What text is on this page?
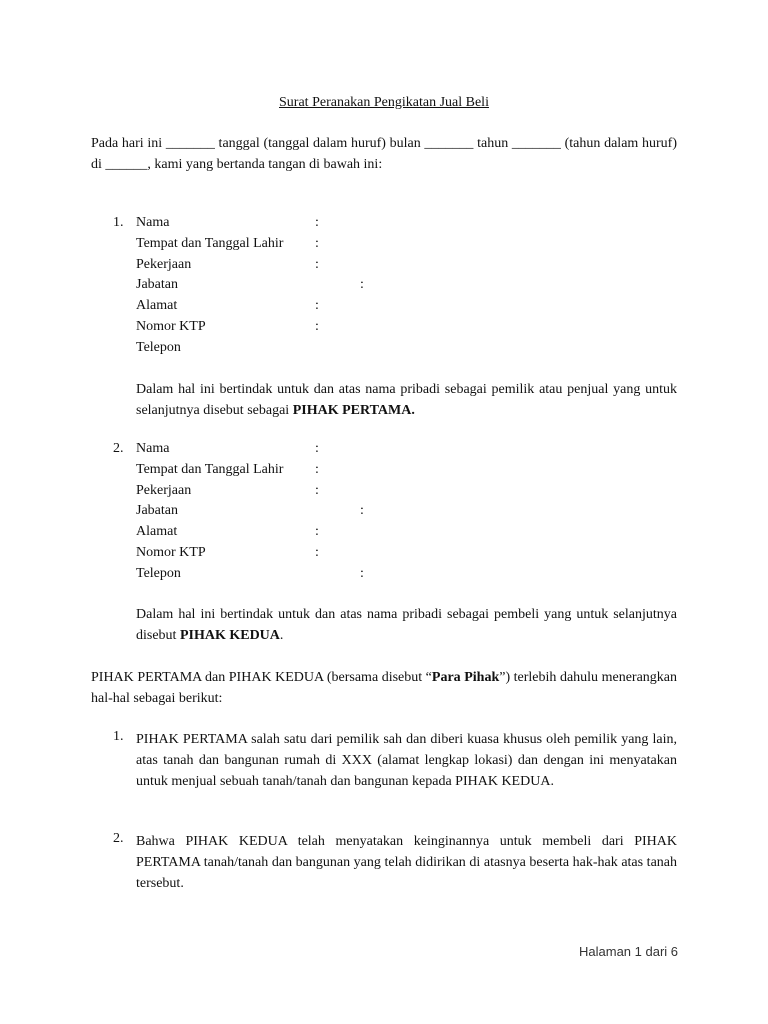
Surat Peranakan Pengikatan Jual Beli

Pada hari ini _______ tanggal (tanggal dalam huruf) bulan _______ tahun _______ (tahun dalam huruf) di ______, kami yang bertanda tangan di bawah ini:

1. Nama	:
Tempat dan Tanggal Lahir :
Pekerjaan	:
Jabatan	:
Alamat	:
Nomor KTP	:
Telepon

Dalam hal ini bertindak untuk dan atas nama pribadi sebagai pemilik atau penjual yang untuk selanjutnya disebut sebagai PIHAK PERTAMA.

2. Nama	:
Tempat dan Tanggal Lahir :
Pekerjaan	:
Jabatan	:
Alamat	:
Nomor KTP	:
Telepon	:

Dalam hal ini bertindak untuk dan atas nama pribadi sebagai pembeli yang untuk selanjutnya disebut PIHAK KEDUA.

PIHAK PERTAMA dan PIHAK KEDUA (bersama disebut “Para Pihak”) terlebih dahulu menerangkan hal-hal sebagai berikut:

1. PIHAK PERTAMA salah satu dari pemilik sah dan diberi kuasa khusus oleh pemilik yang lain, atas tanah dan bangunan rumah di XXX (alamat lengkap lokasi) dan dengan ini menyatakan untuk menjual sebuah tanah/tanah dan bangunan kepada PIHAK KEDUA.

2. Bahwa PIHAK KEDUA telah menyatakan keinginannya untuk membeli dari PIHAK PERTAMA tanah/tanah dan bangunan yang telah didirikan di atasnya beserta hak-hak atas tanah tersebut.

Halaman 1 dari 6
